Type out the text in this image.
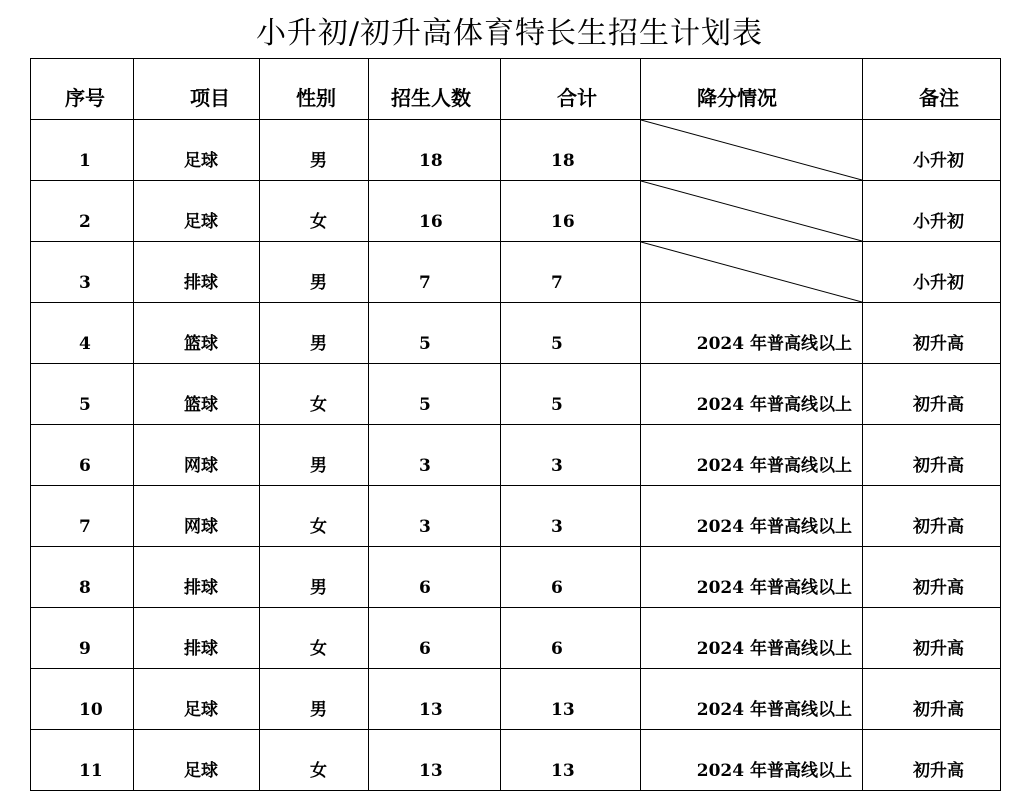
小升初/初升高体育特长生招生计划表
序号	项目	性别	招生人数	合计	降分情况	备注
1	足球	男	18	18		小升初
2	足球	女	16	16		小升初
3	排球	男	7	7		小升初
4	篮球	男	5	5	2024 年普高线以上	初升高
5	篮球	女	5	5	2024 年普高线以上	初升高
6	网球	男	3	3	2024 年普高线以上	初升高
7	网球	女	3	3	2024 年普高线以上	初升高
8	排球	男	6	6	2024 年普高线以上	初升高
9	排球	女	6	6	2024 年普高线以上	初升高
10	足球	男	13	13	2024 年普高线以上	初升高
11	足球	女	13	13	2024 年普高线以上	初升高
